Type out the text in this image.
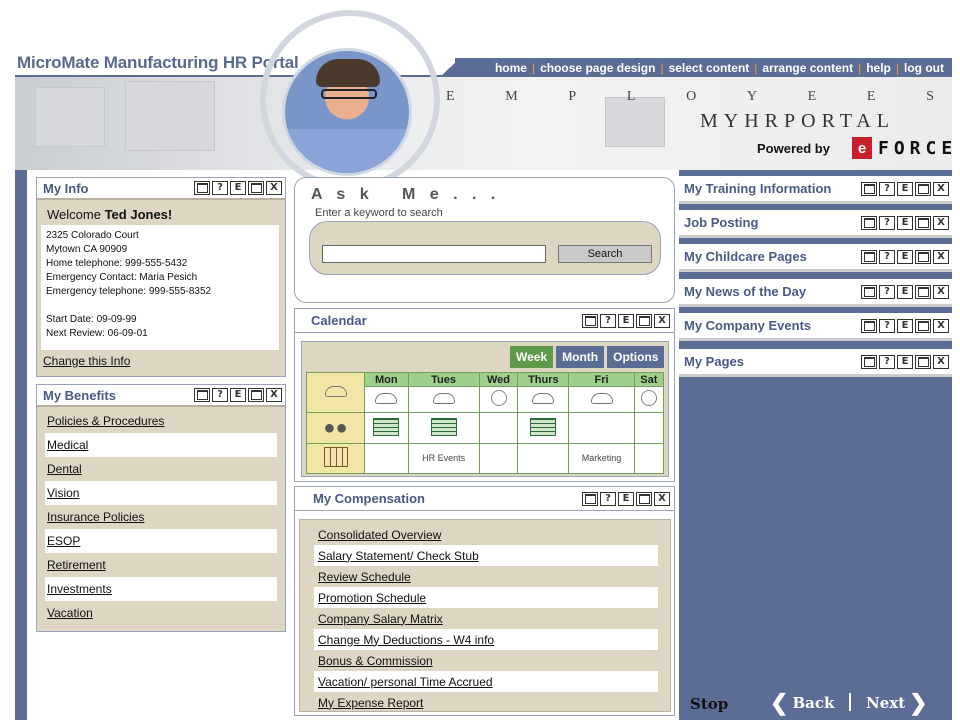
MicroMate Manufacturing HR Portal	home | choose page design | select content | arrange content | help | log out
E	M	P	L	O	Y	E	E	S
MYHRPORTAL
Powered by	e FORCE
My Info	?	E	X
Welcome Ted Jones!
2325 Colorado Court
Mytown CA 90909
Home telephone: 999-555-5432
Emergency Contact: Maria Pesich
Emergency telephone: 999-555-8352

Start Date: 09-09-99
Next Review: 06-09-01
Change this Info
My Benefits	?	E	X
Policies & Procedures
Medical
Dental
Vision
Insurance Policies
ESOP
Retirement
Investments
Vacation
A s k   M e . . .
Enter a keyword to search
Search
Calendar	?	E	X
Week	Month	Options
	Mon	Tues	Wed	Thurs	Fri	Sat

●●						
		HR Events			Marketing	
My Compensation	?	E	X
Consolidated Overview
Salary Statement/ Check Stub
Review Schedule
Promotion Schedule
Company Salary Matrix
Change My Deductions - W4 info
Bonus & Commission
Vacation/ personal Time Accrued
My Expense Report
My Training Information	?	E	X
Job Posting	?	E	X
My Childcare Pages	?	E	X
My News of the Day	?	E	X
My Company Events	?	E	X
My Pages	?	E	X
Stop ❮ Back Next ❯
